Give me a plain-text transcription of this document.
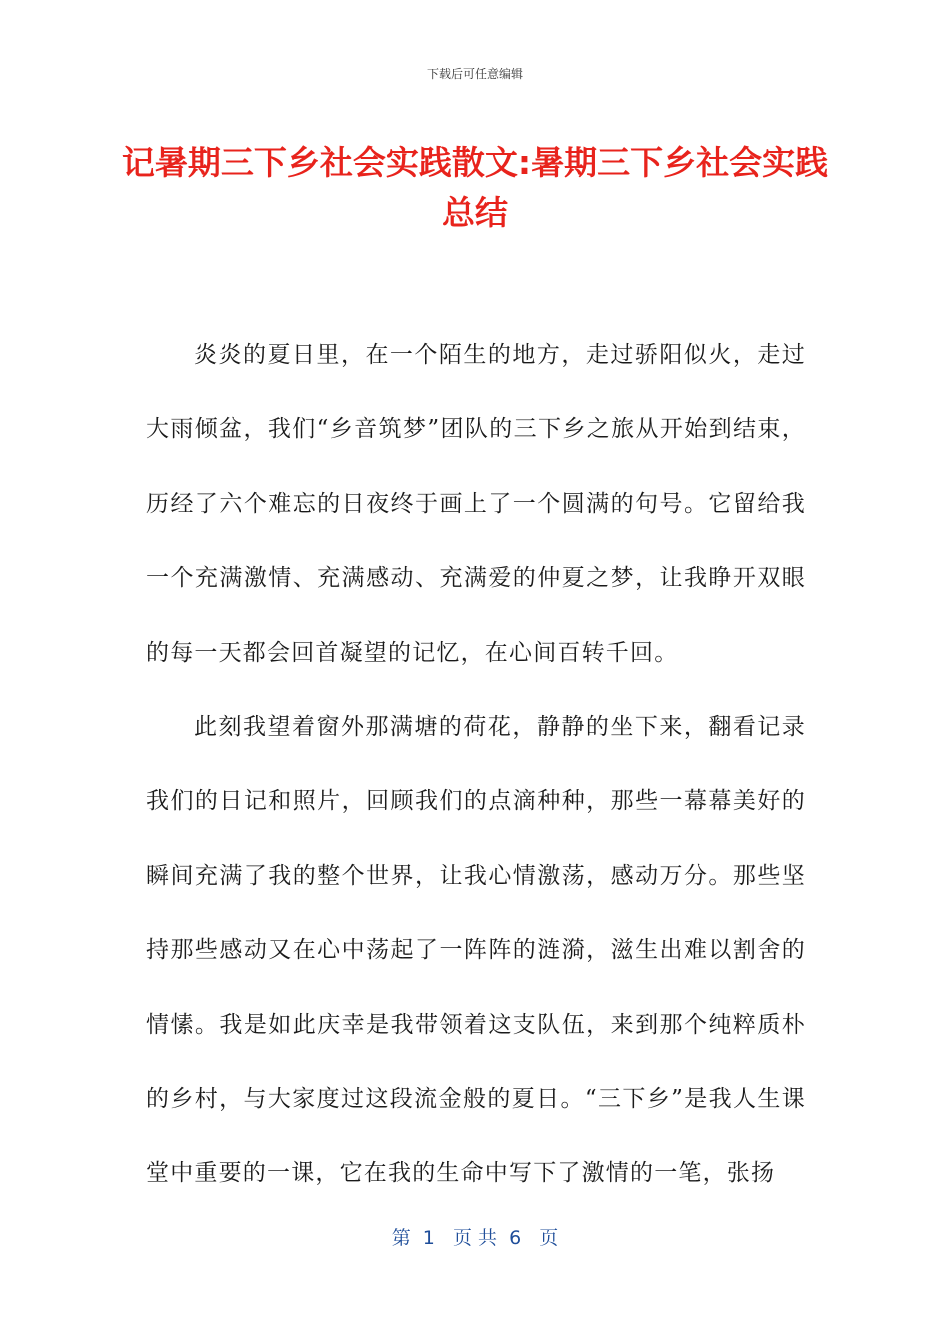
下载后可任意编辑
记暑期三下乡社会实践散文:暑期三下乡社会实践总结

炎炎的夏日里，在一个陌生的地方，走过骄阳似火，走过大雨倾盆，我们“乡音筑梦”团队的三下乡之旅从开始到结束，历经了六个难忘的日夜终于画上了一个圆满的句号。它留给我一个充满激情、充满感动、充满爱的仲夏之梦，让我睁开双眼的每一天都会回首凝望的记忆，在心间百转千回。

此刻我望着窗外那满塘的荷花，静静的坐下来，翻看记录我们的日记和照片，回顾我们的点滴种种，那些一幕幕美好的瞬间充满了我的整个世界，让我心情激荡，感动万分。那些坚持那些感动又在心中荡起了一阵阵的涟漪，滋生出难以割舍的情愫。我是如此庆幸是我带领着这支队伍，来到那个纯粹质朴的乡村，与大家度过这段流金般的夏日。“三下乡”是我人生课堂中重要的一课，它在我的生命中写下了激情的一笔，张扬

第  1   页 共  6   页
